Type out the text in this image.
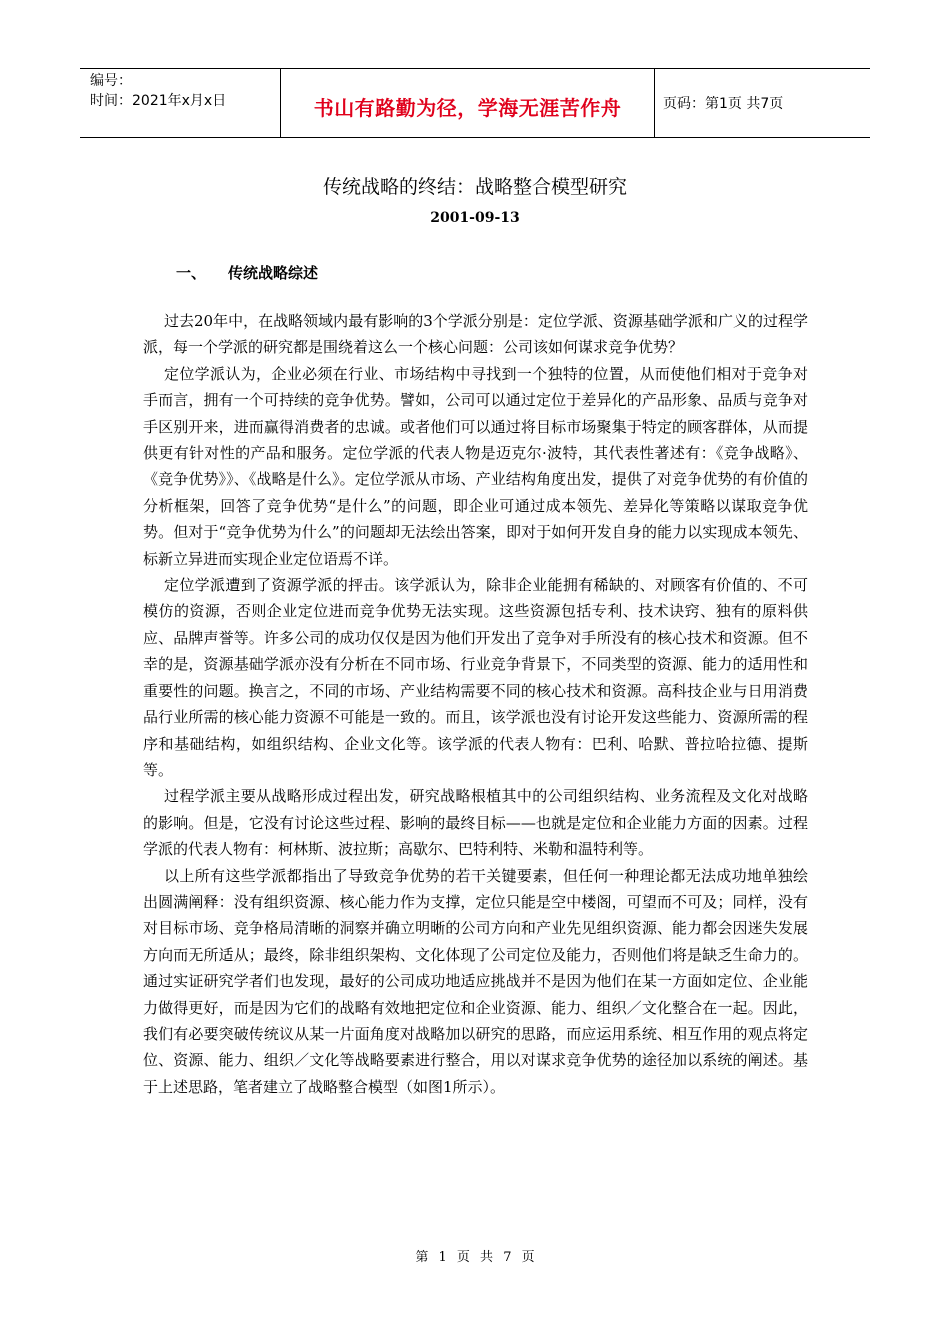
编号：
时间：2021年x月x日	书山有路勤为径，学海无涯苦作舟	页码：第1页 共7页
传统战略的终结：战略整合模型研究
2001-09-13
一、 传统战略综述

过去20年中，在战略领域内最有影响的3个学派分别是：定位学派、资源基础学派和广义的过程学派，每一个学派的研究都是围绕着这么一个核心问题：公司该如何谋求竞争优势？

定位学派认为，企业必须在行业、市场结构中寻找到一个独特的位置，从而使他们相对于竞争对手而言，拥有一个可持续的竞争优势。譬如，公司可以通过定位于差异化的产品形象、品质与竞争对手区别开来，进而赢得消费者的忠诚。或者他们可以通过将目标市场聚集于特定的顾客群体，从而提供更有针对性的产品和服务。定位学派的代表人物是迈克尔·波特，其代表性著述有：《竞争战略》、《竞争优势》》、《战略是什么》。定位学派从市场、产业结构角度出发，提供了对竞争优势的有价值的分析框架，回答了竞争优势“是什么”的问题，即企业可通过成本领先、差异化等策略以谋取竞争优势。但对于“竞争优势为什么”的问题却无法绘出答案，即对于如何开发自身的能力以实现成本领先、标新立异进而实现企业定位语焉不详。

定位学派遭到了资源学派的抨击。该学派认为，除非企业能拥有稀缺的、对顾客有价值的、不可模仿的资源，否则企业定位进而竞争优势无法实现。这些资源包括专利、技术诀窍、独有的原料供应、品牌声誉等。许多公司的成功仅仅是因为他们开发出了竞争对手所没有的核心技术和资源。但不幸的是，资源基础学派亦没有分析在不同市场、行业竞争背景下，不同类型的资源、能力的适用性和重要性的问题。换言之，不同的市场、产业结构需要不同的核心技术和资源。高科技企业与日用消费品行业所需的核心能力资源不可能是一致的。而且，该学派也没有讨论开发这些能力、资源所需的程序和基础结构，如组织结构、企业文化等。该学派的代表人物有：巴利、哈默、普拉哈拉德、提斯等。

过程学派主要从战略形成过程出发，研究战略根植其中的公司组织结构、业务流程及文化对战略的影响。但是，它没有讨论这些过程、影响的最终目标——也就是定位和企业能力方面的因素。过程学派的代表人物有：柯林斯、波拉斯；高歇尔、巴特利特、米勒和温特利等。

以上所有这些学派都指出了导致竞争优势的若干关键要素，但任何一种理论都无法成功地单独绘出圆满阐释：没有组织资源、核心能力作为支撑，定位只能是空中楼阁，可望而不可及；同样，没有对目标市场、竞争格局清晰的洞察并确立明晰的公司方向和产业先见组织资源、能力都会因迷失发展方向而无所适从；最终，除非组织架构、文化体现了公司定位及能力，否则他们将是缺乏生命力的。通过实证研究学者们也发现，最好的公司成功地适应挑战并不是因为他们在某一方面如定位、企业能力做得更好，而是因为它们的战略有效地把定位和企业资源、能力、组织／文化整合在一起。因此，我们有必要突破传统议从某一片面角度对战略加以研究的思路，而应运用系统、相互作用的观点将定位、资源、能力、组织／文化等战略要素进行整合，用以对谋求竞争优势的途径加以系统的阐述。基于上述思路，笔者建立了战略整合模型（如图1所示）。

第 1 页 共 7 页
